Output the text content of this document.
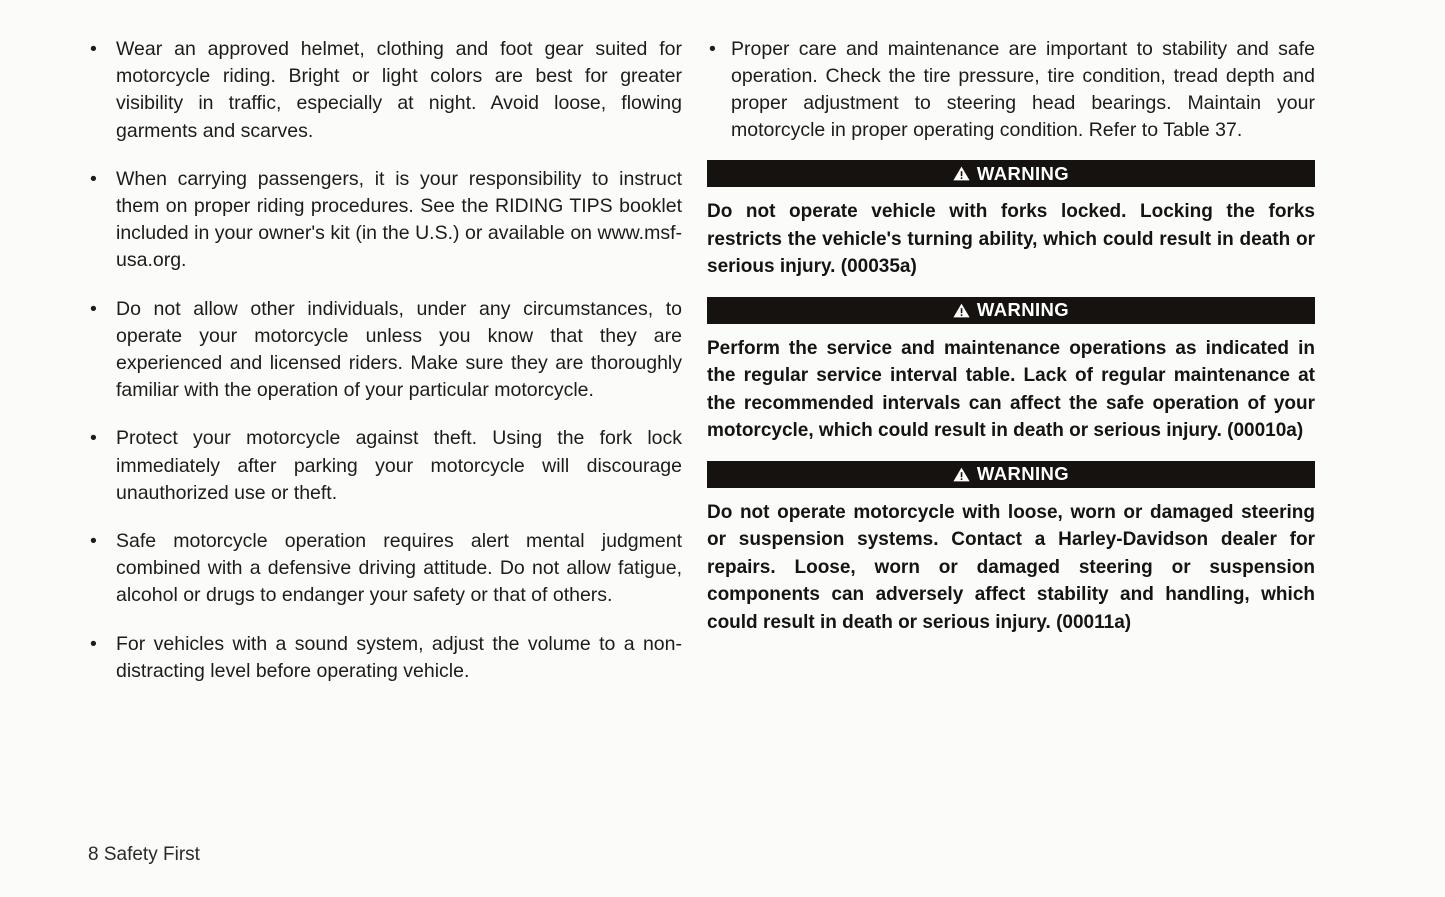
• Wear an approved helmet, clothing and foot gear suited for motorcycle riding. Bright or light colors are best for greater visibility in traffic, especially at night. Avoid loose, flowing garments and scarves.
• When carrying passengers, it is your responsibility to instruct them on proper riding procedures. See the RIDING TIPS booklet included in your owner's kit (in the U.S.) or available on www.msf-usa.org.
• Do not allow other individuals, under any circumstances, to operate your motorcycle unless you know that they are experienced and licensed riders. Make sure they are thoroughly familiar with the operation of your particular motorcycle.
• Protect your motorcycle against theft. Using the fork lock immediately after parking your motorcycle will discourage unauthorized use or theft.
• Safe motorcycle operation requires alert mental judgment combined with a defensive driving attitude. Do not allow fatigue, alcohol or drugs to endanger your safety or that of others.
• For vehicles with a sound system, adjust the volume to a non-distracting level before operating vehicle.
• Proper care and maintenance are important to stability and safe operation. Check the tire pressure, tire condition, tread depth and proper adjustment to steering head bearings. Maintain your motorcycle in proper operating condition. Refer to Table 37.
WARNING
Do not operate vehicle with forks locked. Locking the forks restricts the vehicle's turning ability, which could result in death or serious injury. (00035a)
WARNING
Perform the service and maintenance operations as indicated in the regular service interval table. Lack of regular maintenance at the recommended intervals can affect the safe operation of your motorcycle, which could result in death or serious injury. (00010a)
WARNING
Do not operate motorcycle with loose, worn or damaged steering or suspension systems. Contact a Harley-Davidson dealer for repairs. Loose, worn or damaged steering or suspension components can adversely affect stability and handling, which could result in death or serious injury. (00011a)
8 Safety First
